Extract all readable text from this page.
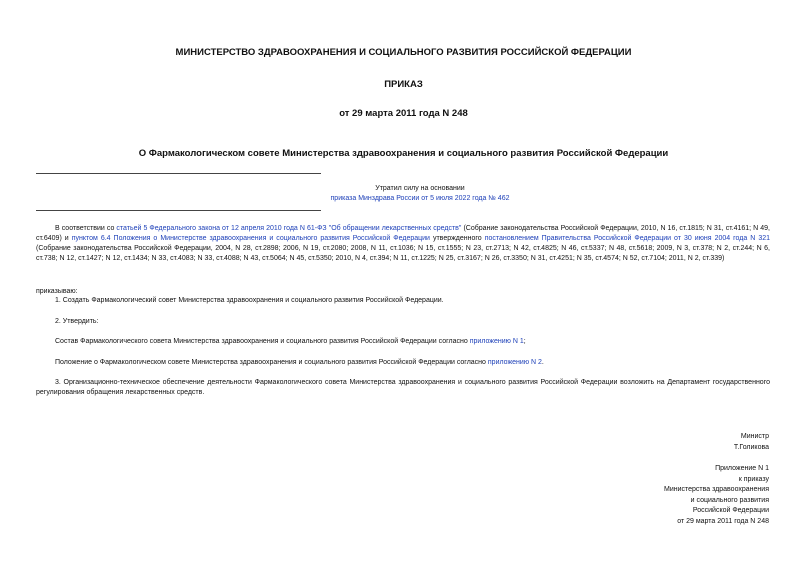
МИНИСТЕРСТВО ЗДРАВООХРАНЕНИЯ И СОЦИАЛЬНОГО РАЗВИТИЯ РОССИЙСКОЙ ФЕДЕРАЦИИ
ПРИКАЗ
от 29 марта 2011 года N 248
О Фармакологическом совете Министерства здравоохранения и социального развития Российской Федерации
Утратил силу на основании
приказа Минздрава России от 5 июля 2022 года № 462
В соответствии со статьей 5 Федерального закона от 12 апреля 2010 года N 61-ФЗ "Об обращении лекарственных средств" (Собрание законодательства Российской Федерации, 2010, N 16, ст.1815; N 31, ст.4161; N 49, ст.6409) и пунктом 6.4 Положения о Министерстве здравоохранения и социального развития Российской Федерации утвержденного постановлением Правительства Российской Федерации от 30 июня 2004 года N 321 (Собрание законодательства Российской Федерации, 2004, N 28, ст.2898; 2006, N 19, ст.2080; 2008, N 11, ст.1036; N 15, ст.1555; N 23, ст.2713; N 42, ст.4825; N 46, ст.5337; N 48, ст.5618; 2009, N 3, ст.378; N 2, ст.244; N 6, ст.738; N 12, ст.1427; N 12, ст.1434; N 33, ст.4083; N 33, ст.4088; N 43, ст.5064; N 45, ст.5350; 2010, N 4, ст.394; N 11, ст.1225; N 25, ст.3167; N 26, ст.3350; N 31, ст.4251; N 35, ст.4574; N 52, ст.7104; 2011, N 2, ст.339)
приказываю:
1. Создать Фармакологический совет Министерства здравоохранения и социального развития Российской Федерации.
2. Утвердить:
Состав Фармакологического совета Министерства здравоохранения и социального развития Российской Федерации согласно приложению N 1;
Положение о Фармакологическом совете Министерства здравоохранения и социального развития Российской Федерации согласно приложению N 2.
3. Организационно-техническое обеспечение деятельности Фармакологического совета Министерства здравоохранения и социального развития Российской Федерации возложить на Департамент государственного регулирования обращения лекарственных средств.
Министр
Т.Голикова
Приложение N 1
к приказу
Министерства здравоохранения
и социального развития
Российской Федерации
от 29 марта 2011 года N 248
